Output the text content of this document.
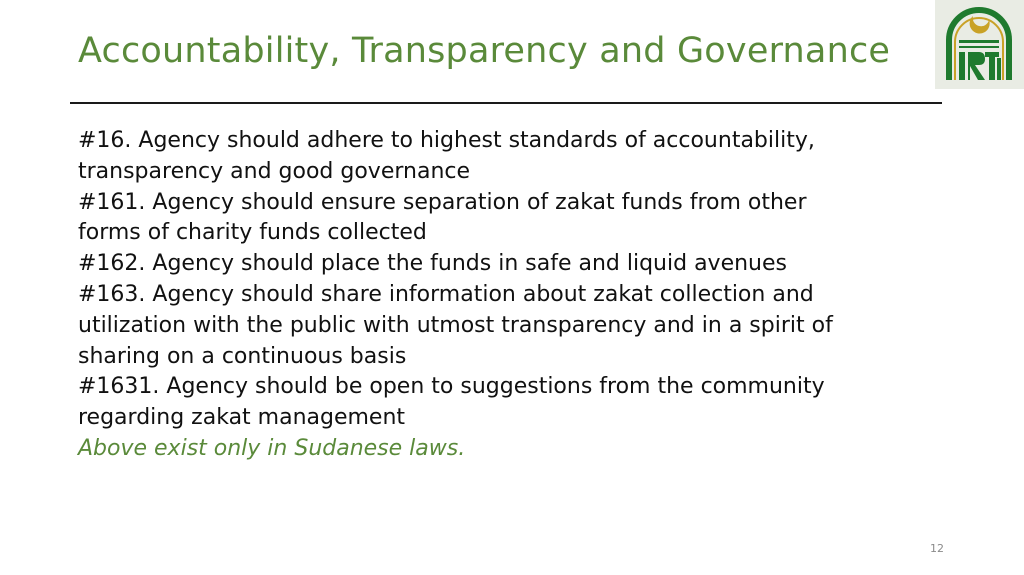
Accountability, Transparency and Governance
#16. Agency should adhere to highest standards of accountability,
transparency and good governance
#161. Agency should ensure separation of zakat funds from other
forms of charity funds collected
#162. Agency should place the funds in safe and liquid avenues
#163. Agency should share information about zakat collection and
utilization with the public with utmost transparency and in a spirit of
sharing on a continuous basis
#1631. Agency should be open to suggestions from the community
regarding zakat management
Above exist only in Sudanese laws.
12
